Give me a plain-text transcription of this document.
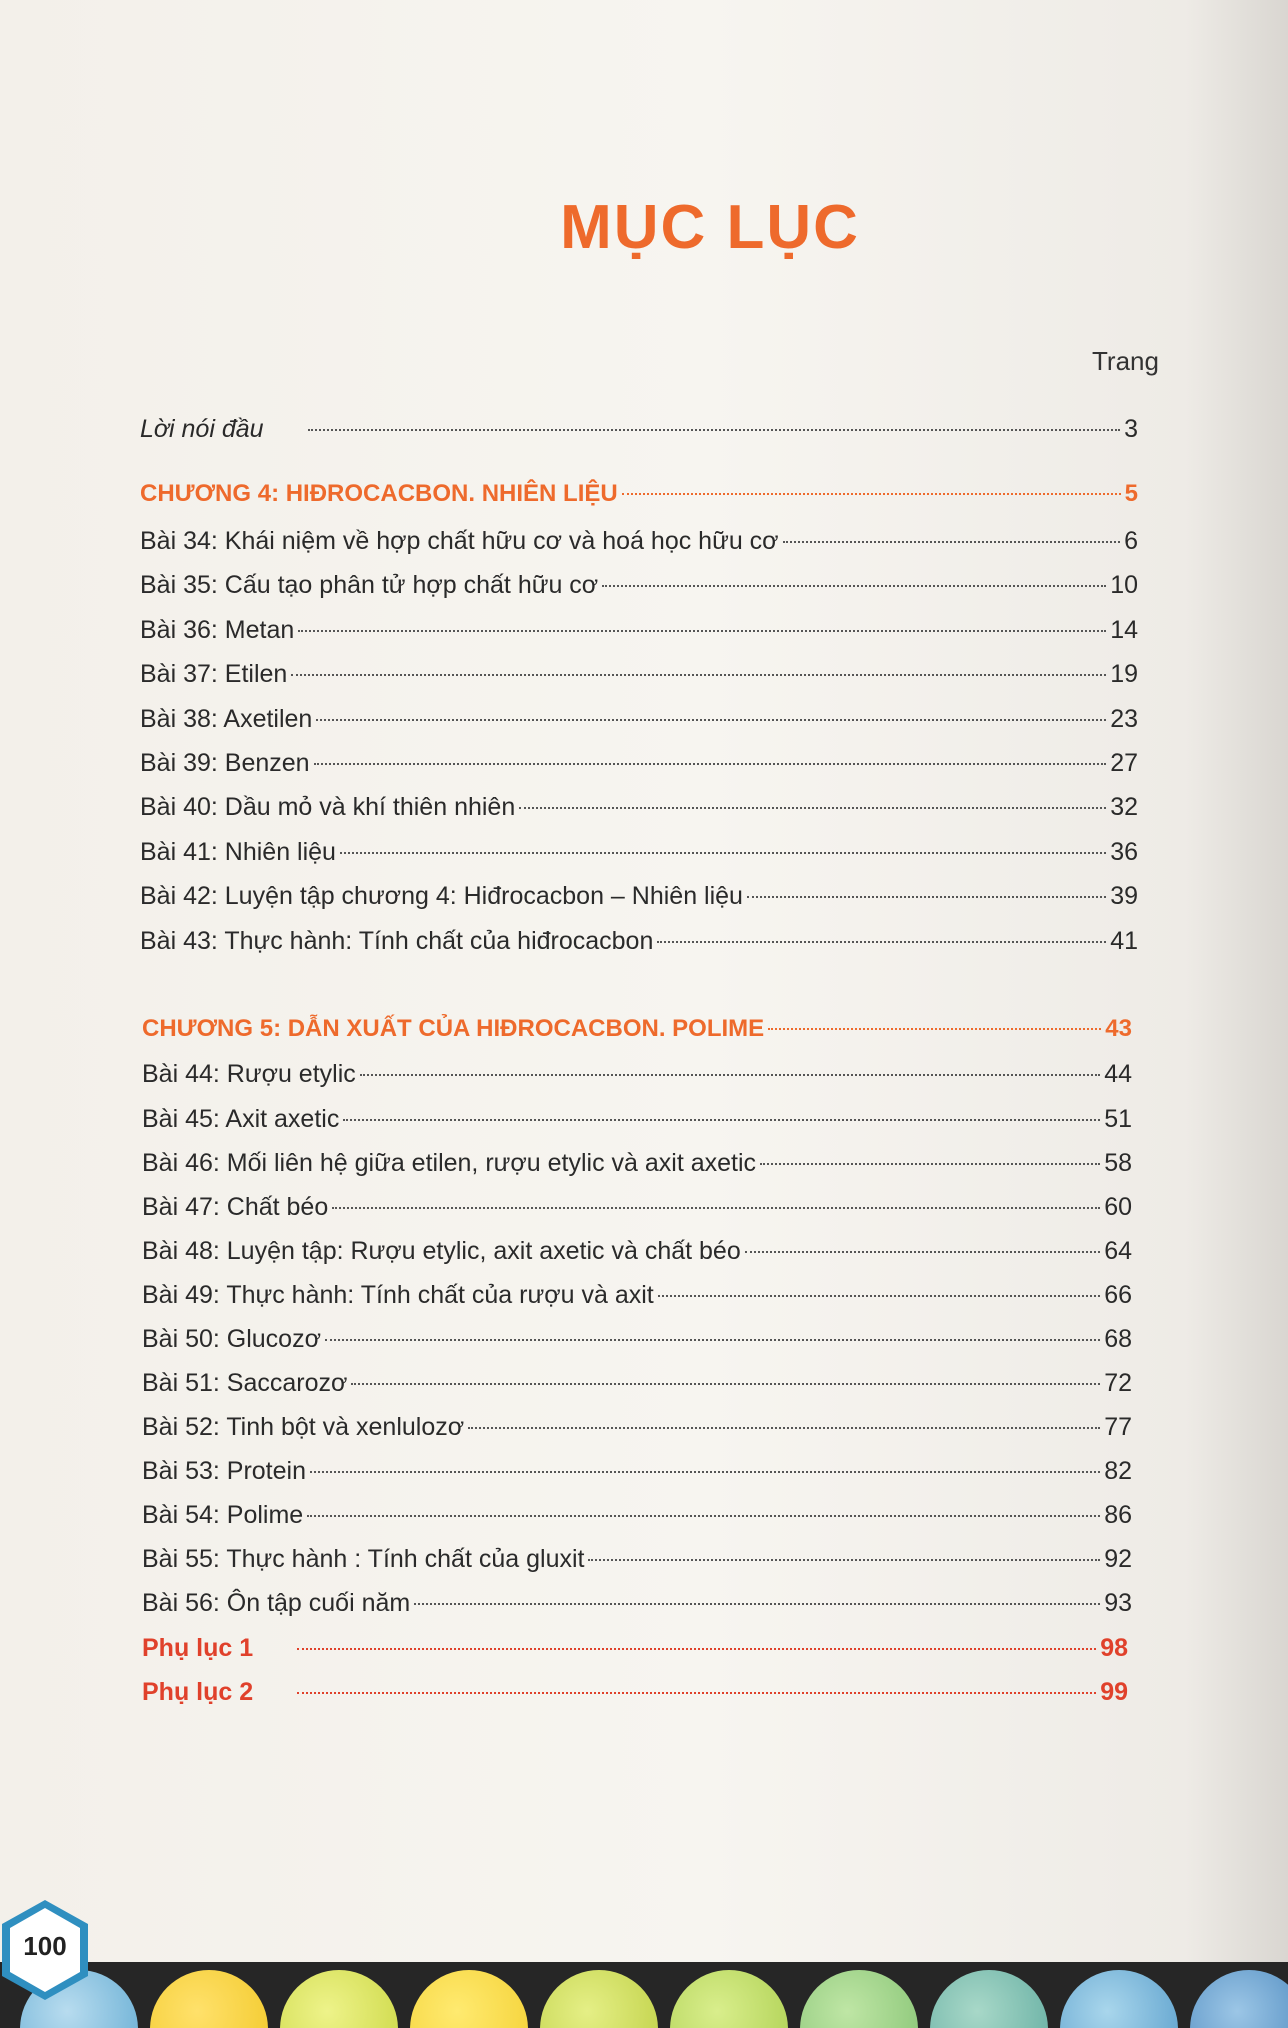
MỤC LỤC
Trang
Lời nói đầu	3
CHƯƠNG 4: HIĐROCACBON. NHIÊN LIỆU	5
Bài 34: Khái niệm về hợp chất hữu cơ và hoá học hữu cơ	6
Bài 35: Cấu tạo phân tử hợp chất hữu cơ	10
Bài 36: Metan	14
Bài 37: Etilen	19
Bài 38: Axetilen	23
Bài 39: Benzen	27
Bài 40: Dầu mỏ và khí thiên nhiên	32
Bài 41: Nhiên liệu	36
Bài 42: Luyện tập chương 4: Hiđrocacbon – Nhiên liệu	39
Bài 43: Thực hành: Tính chất của hiđrocacbon	41
CHƯƠNG 5: DẪN XUẤT CỦA HIĐROCACBON. POLIME	43
Bài 44: Rượu etylic	44
Bài 45: Axit axetic	51
Bài 46: Mối liên hệ giữa etilen, rượu etylic và axit axetic	58
Bài 47: Chất béo	60
Bài 48: Luyện tập: Rượu etylic, axit axetic và chất béo	64
Bài 49: Thực hành: Tính chất của rượu và axit	66
Bài 50: Glucozơ	68
Bài 51: Saccarozơ	72
Bài 52: Tinh bột và xenlulozơ	77
Bài 53: Protein	82
Bài 54: Polime	86
Bài 55: Thực hành : Tính chất của gluxit	92
Bài 56: Ôn tập cuối năm	93
Phụ lục 1	98
Phụ lục 2	99
100
